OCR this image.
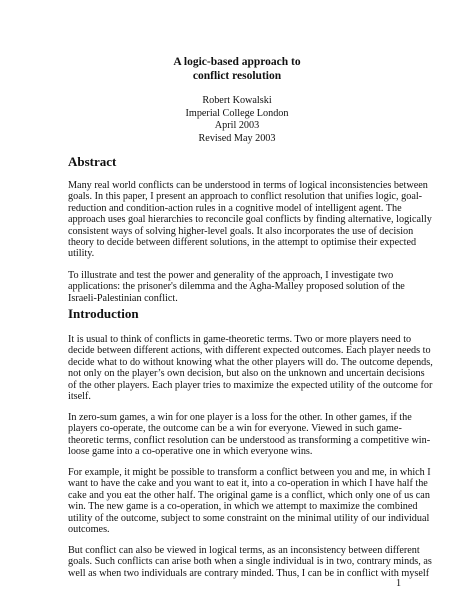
A logic-based approach to
conflict resolution
Robert Kowalski
Imperial College London
April 2003
Revised May 2003
Abstract
Many real world conflicts can be understood in terms of logical inconsistencies between
goals. In this paper, I present an approach to conflict resolution that unifies logic, goal-
reduction and condition-action rules in a cognitive model of intelligent agent. The
approach uses goal hierarchies to reconcile goal conflicts by finding alternative, logically
consistent ways of solving higher-level goals. It also incorporates the use of decision
theory to decide between different solutions, in the attempt to optimise their expected
utility.
To illustrate and test the power and generality of the approach, I investigate two
applications: the prisoner's dilemma and the Agha-Malley proposed solution of the
Israeli-Palestinian conflict.
Introduction
It is usual to think of conflicts in game-theoretic terms. Two or more players need to
decide between different actions, with different expected outcomes. Each player needs to
decide what to do without knowing what the other players will do. The outcome depends,
not only on the player’s own decision, but also on the unknown and uncertain decisions
of the other players. Each player tries to maximize the expected utility of the outcome for
itself.
In zero-sum games, a win for one player is a loss for the other. In other games, if the
players co-operate, the outcome can be a win for everyone. Viewed in such game-
theoretic terms, conflict resolution can be understood as transforming a competitive win-
loose game into a co-operative one in which everyone wins.
For example, it might be possible to transform a conflict between you and me, in which I
want to have the cake and you want to eat it, into a co-operation in which I have half the
cake and you eat the other half. The original game is a conflict, which only one of us can
win. The new game is a co-operation, in which we attempt to maximize the combined
utility of the outcome, subject to some constraint on the minimal utility of our individual
outcomes.
But conflict can also be viewed in logical terms, as an inconsistency between different
goals. Such conflicts can arise both when a single individual is in two, contrary minds, as
well as when two individuals are contrary minded. Thus, I can be in conflict with myself
1
